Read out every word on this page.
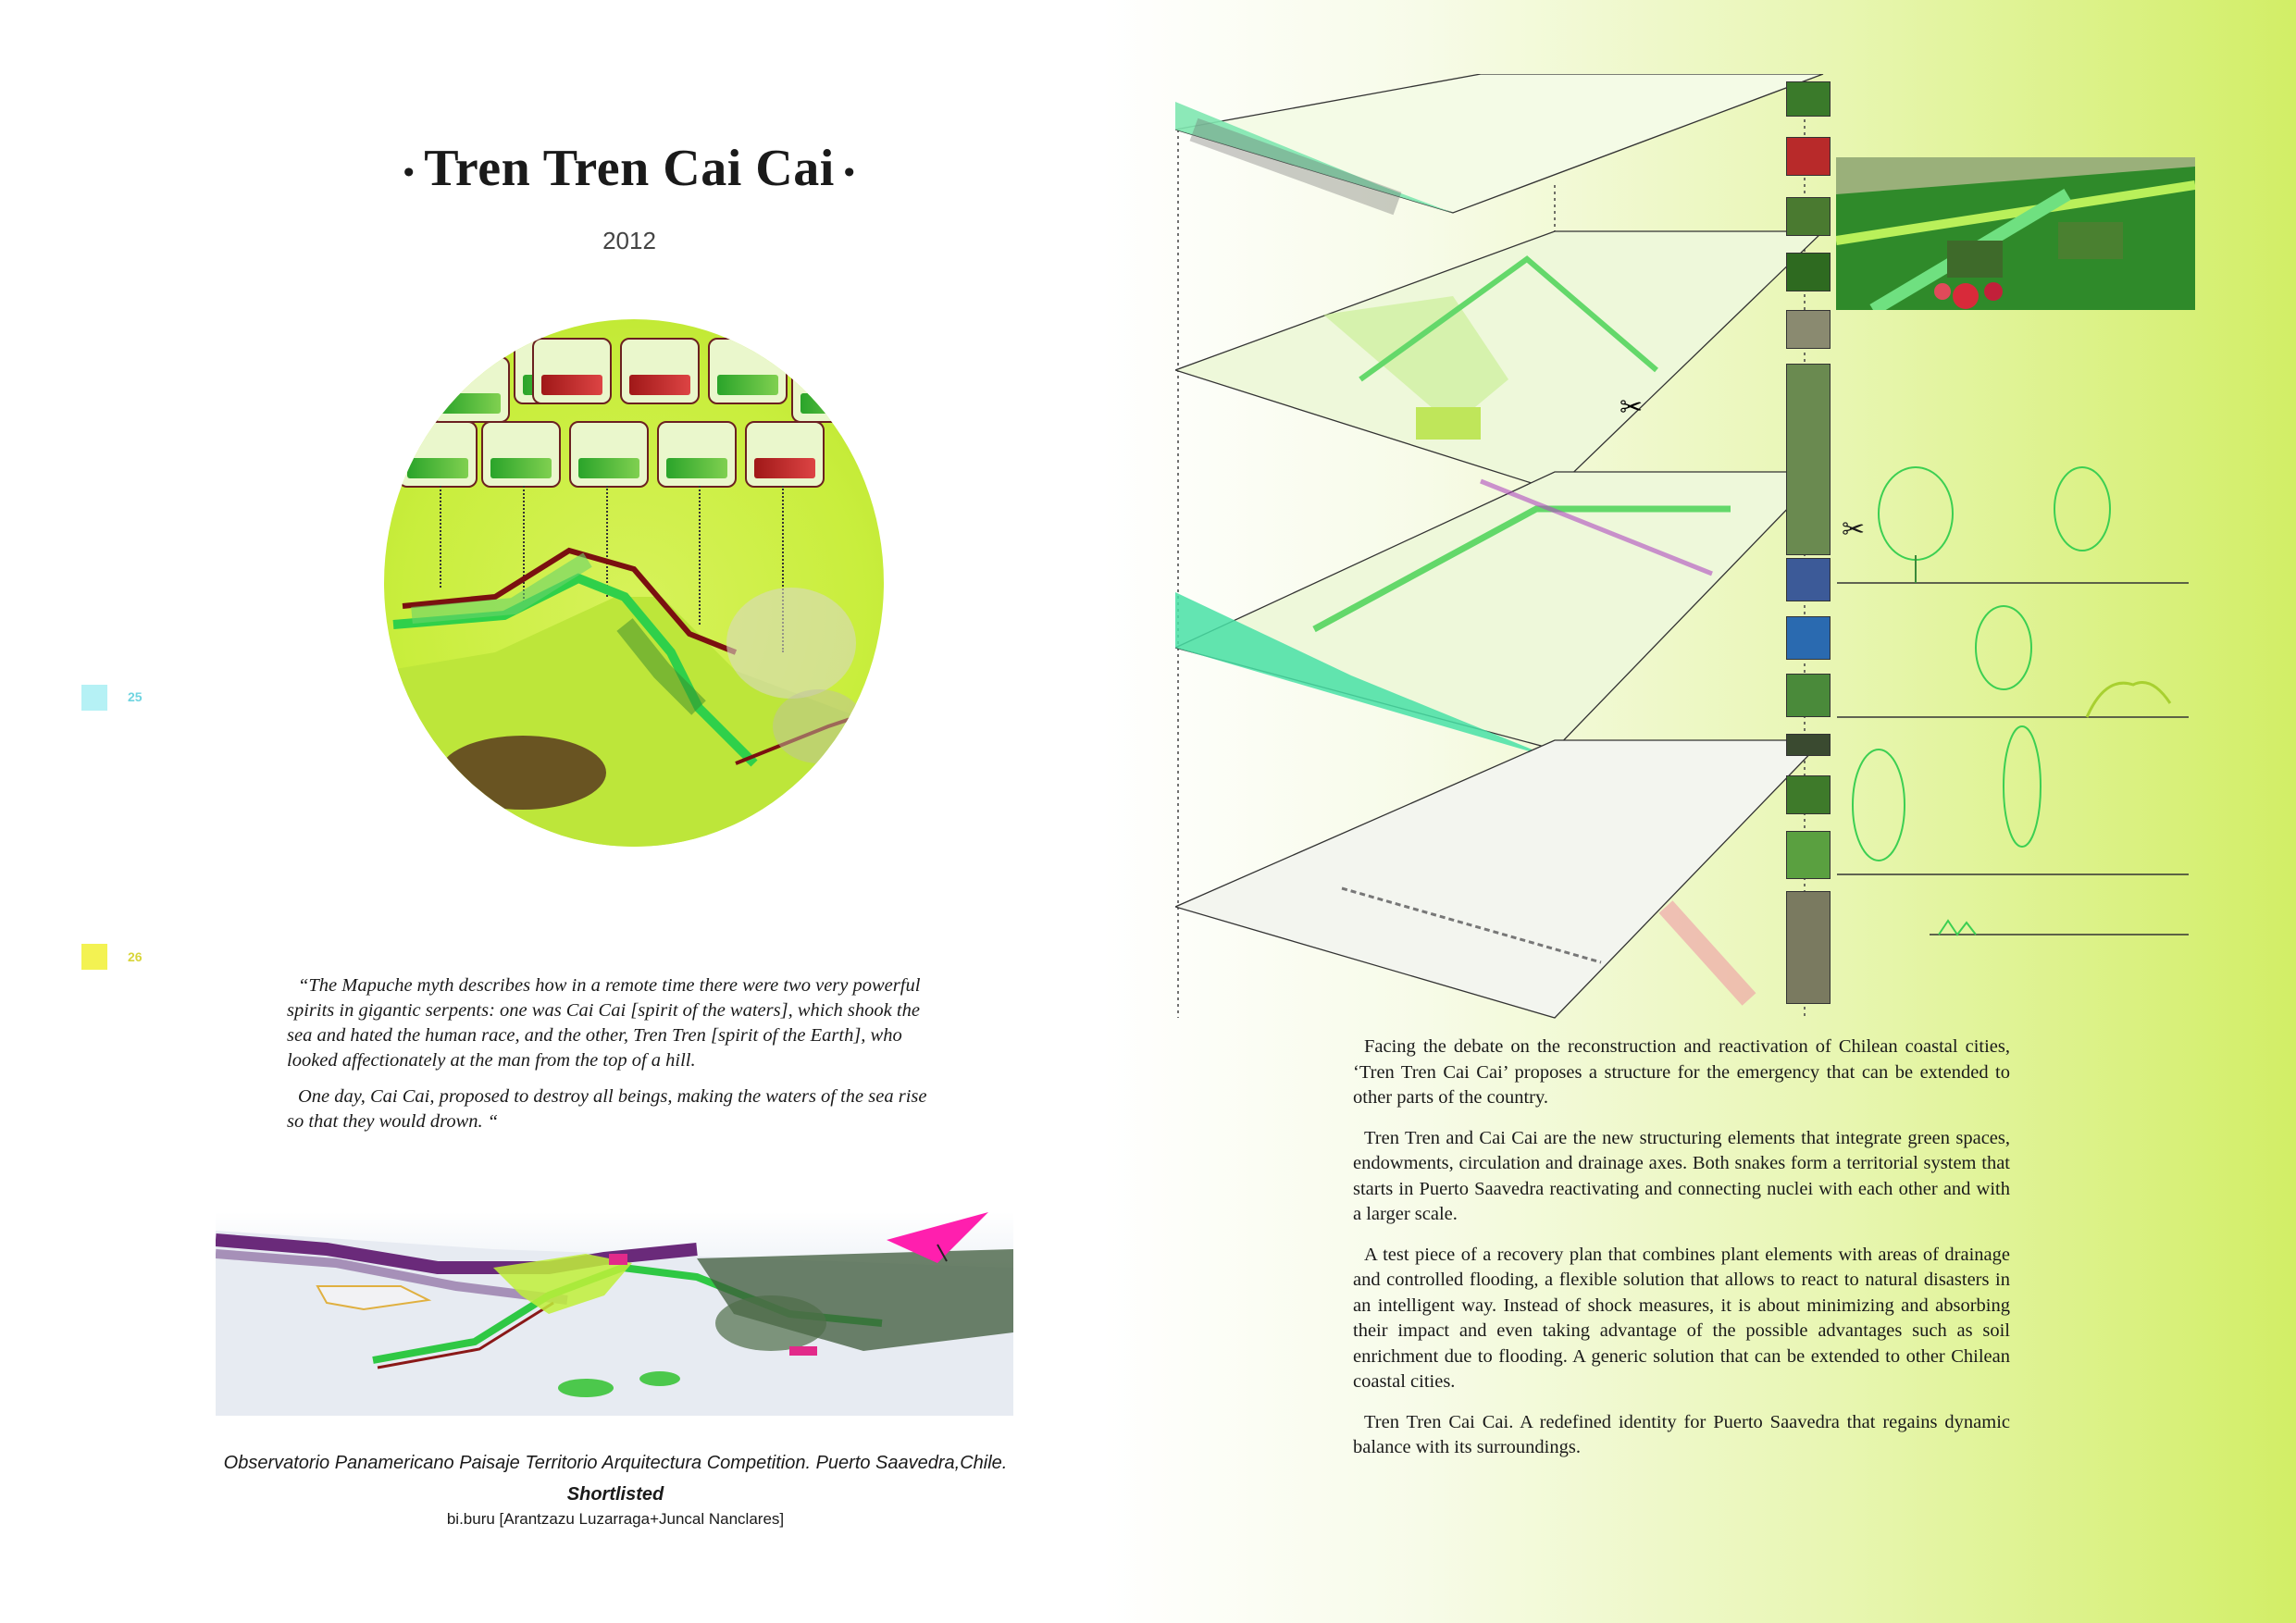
• Tren Tren Cai Cai •
2012
25
26

“The Mapuche myth describes how in a remote time there were two very powerful spirits in gigantic serpents: one was Cai Cai [spirit of the waters], which shook the sea and hated the human race, and the other, Tren Tren [spirit of the Earth], who looked affectionately at the man from the top of a hill.

One day, Cai Cai, proposed to destroy all beings, making the waters of the sea rise so that they would drown. “

Observatorio Panamericano Paisaje Territorio Arquitectura Competition. Puerto Saavedra,Chile.
Shortlisted
bi.buru [Arantzazu Luzarraga+Juncal Nanclares]
✂
✂

Facing the debate on the reconstruction and reactivation of Chilean coastal cities, ‘Tren Tren Cai Cai’ proposes a structure for the emergency that can be extended to other parts of the country.

Tren Tren and Cai Cai are the new structuring elements that integrate green spaces, endowments, circulation and drainage axes. Both snakes form a territorial system that starts in Puerto Saavedra reactivating and connecting nuclei with each other and with a larger scale.

A test piece of a recovery plan that combines plant elements with areas of drainage and controlled flooding, a flexible solution that allows to react to natural disasters in an intelligent way. Instead of shock measures, it is about minimizing and absorbing their impact and even taking advantage of the possible advantages such as soil enrichment due to flooding. A generic solution that can be extended to other Chilean coastal cities.

Tren Tren Cai Cai. A redefined identity for Puerto Saavedra that regains dynamic balance with its surroundings.
